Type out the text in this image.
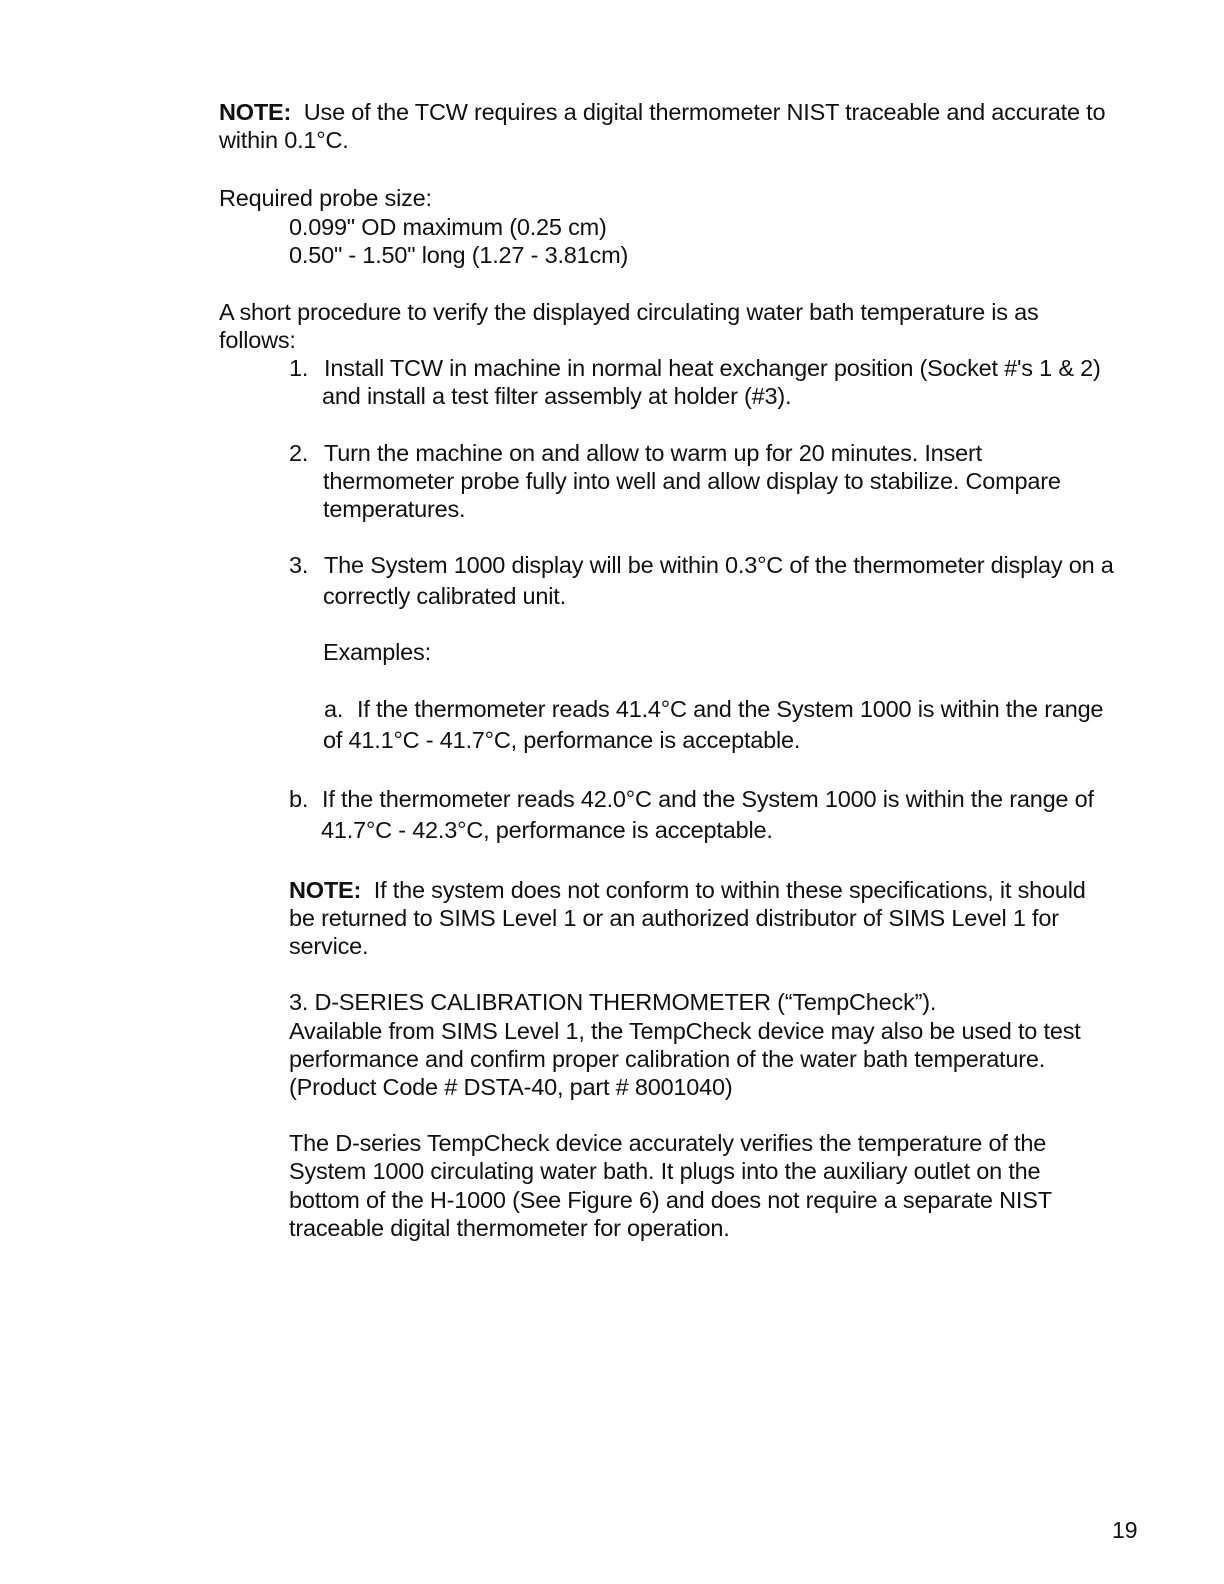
NOTE: Use of the TCW requires a digital thermometer NIST traceable and accurate to
within 0.1°C.
Required probe size:
0.099" OD maximum (0.25 cm)
0.50" - 1.50" long (1.27 - 3.81cm)
A short procedure to verify the displayed circulating water bath temperature is as
follows:
1. Install TCW in machine in normal heat exchanger position (Socket #'s 1 & 2)
and install a test filter assembly at holder (#3).
2. Turn the machine on and allow to warm up for 20 minutes. Insert
thermometer probe fully into well and allow display to stabilize. Compare
temperatures.
3. The System 1000 display will be within 0.3°C of the thermometer display on a
correctly calibrated unit.
Examples:
a. If the thermometer reads 41.4°C and the System 1000 is within the range
of 41.1°C - 41.7°C, performance is acceptable.
b. If the thermometer reads 42.0°C and the System 1000 is within the range of
41.7°C - 42.3°C, performance is acceptable.
NOTE: If the system does not conform to within these specifications, it should
be returned to SIMS Level 1 or an authorized distributor of SIMS Level 1 for
service.
3. D-SERIES CALIBRATION THERMOMETER (“TempCheck”).
Available from SIMS Level 1, the TempCheck device may also be used to test
performance and confirm proper calibration of the water bath temperature.
(Product Code # DSTA-40, part # 8001040)
The D-series TempCheck device accurately verifies the temperature of the
System 1000 circulating water bath. It plugs into the auxiliary outlet on the
bottom of the H-1000 (See Figure 6) and does not require a separate NIST
traceable digital thermometer for operation.
19
